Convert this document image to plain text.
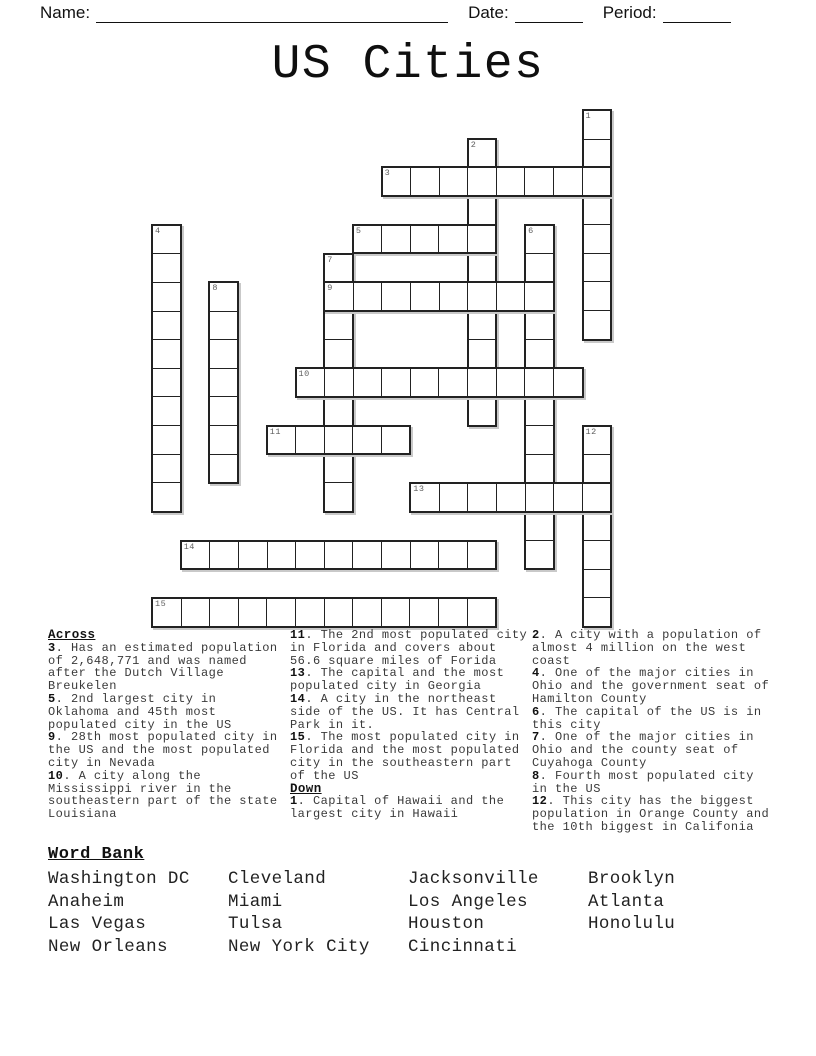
Name:	Date:	Period:
US Cities
1
2
3
4	5	6
7
8	9
10
11	12
13
14
15
Across
3. Has an estimated population
of 2,648,771 and was named
after the Dutch Village
Breukelen
5. 2nd largest city in
Oklahoma and 45th most
populated city in the US
9. 28th most populated city in
the US and the most populated
city in Nevada
10. A city along the
Mississippi river in the
southeastern part of the state
Louisiana
11. The 2nd most populated city
in Florida and covers about
56.6 square miles of Forida
13. The capital and the most
populated city in Georgia
14. A city in the northeast
side of the US. It has Central
Park in it.
15. The most populated city in
Florida and the most populated
city in the southeastern part
of the US
Down
1. Capital of Hawaii and the
largest city in Hawaii
2. A city with a population of
almost 4 million on the west
coast
4. One of the major cities in
Ohio and the government seat of
Hamilton County
6. The capital of the US is in
this city
7. One of the major cities in
Ohio and the county seat of
Cuyahoga County
8. Fourth most populated city
in the US
12. This city has the biggest
population in Orange County and
the 10th biggest in Califonia
Word Bank
Washington DC	Cleveland	Jacksonville	Brooklyn
Anaheim	Miami	Los Angeles	Atlanta
Las Vegas	Tulsa	Houston	Honolulu
New Orleans	New York City	Cincinnati
